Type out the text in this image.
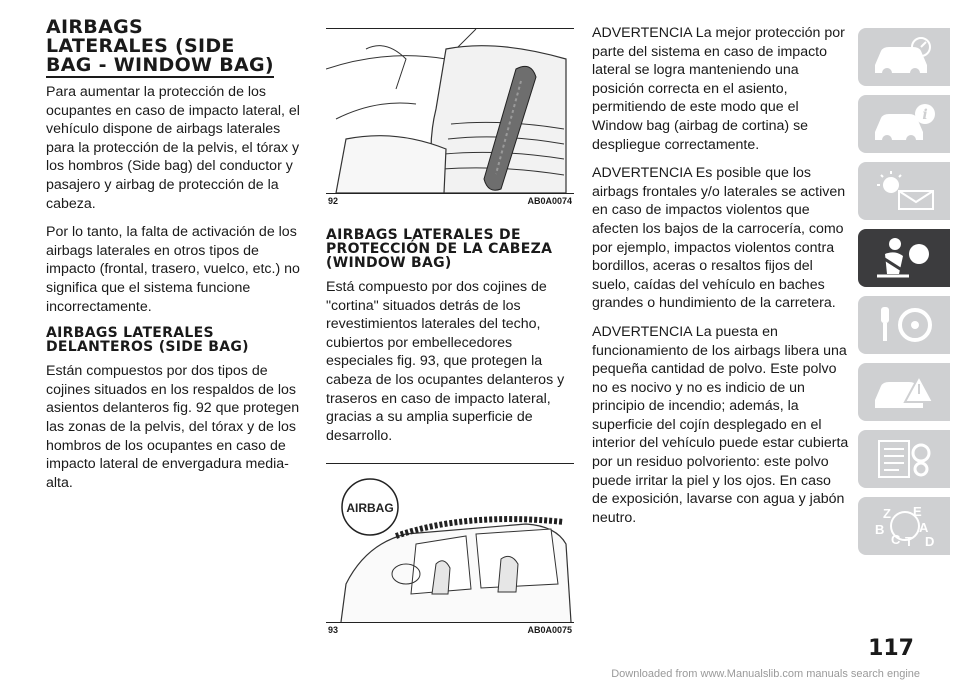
AIRBAGS
LATERALES (SIDE
BAG - WINDOW BAG)

Para aumentar la protección de los ocupantes en caso de impacto lateral, el vehículo dispone de airbags laterales para la protección de la pelvis, el tórax y los hombros (Side bag) del conductor y pasajero y airbag de protección de la cabeza.

Por lo tanto, la falta de activación de los airbags laterales en otros tipos de impacto (frontal, trasero, vuelco, etc.) no significa que el sistema funcione incorrectamente.

AIRBAGS LATERALES DELANTEROS (SIDE BAG)

Están compuestos por dos tipos de cojines situados en los respaldos de los asientos delanteros fig. 92 que protegen las zonas de la pelvis, del tórax y de los hombros de los ocupantes en caso de impacto lateral de envergadura media-alta.

92	AB0A0074
AIRBAGS LATERALES DE PROTECCIÓN DE LA CABEZA (WINDOW BAG)

Está compuesto por dos cojines de "cortina" situados detrás de los revestimientos laterales del techo, cubiertos por embellecedores especiales fig. 93, que protegen la cabeza de los ocupantes delanteros y traseros en caso de impacto lateral, gracias a su amplia superficie de desarrollo.

AIRBAG
93	AB0A0075

ADVERTENCIA La mejor protección por parte del sistema en caso de impacto lateral se logra manteniendo una posición correcta en el asiento, permitiendo de este modo que el Window bag (airbag de cortina) se despliegue correctamente.

ADVERTENCIA Es posible que los airbags frontales y/o laterales se activen en caso de impactos violentos que afecten los bajos de la carrocería, como por ejemplo, impactos violentos contra bordillos, aceras o resaltos fijos del suelo, caídas del vehículo en baches grandes o hundimiento de la carretera.

ADVERTENCIA La puesta en funcionamiento de los airbags libera una pequeña cantidad de polvo. Este polvo no es nocivo y no es indicio de un principio de incendio; además, la superficie del cojín desplegado en el interior del vehículo puede estar cubierta por un residuo polvoriento: este polvo puede irritar la piel y los ojos. En caso de exposición, lavarse con agua y jabón neutro.

i
Z E
A
B
C D
T
117
Downloaded from www.Manualslib.com manuals search engine
